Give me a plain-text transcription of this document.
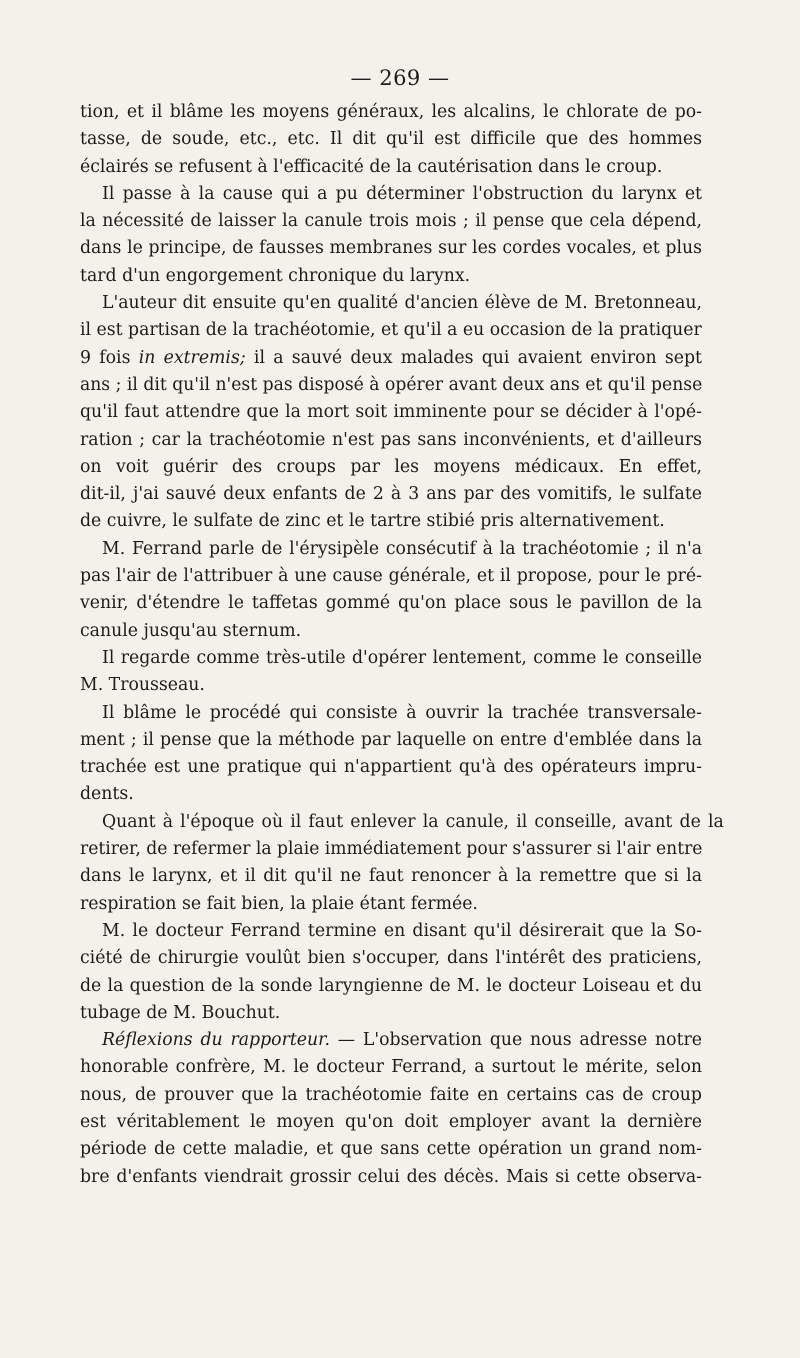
— 269 —
tion, et il blâme les moyens généraux, les alcalins, le chlorate de po-
tasse, de soude, etc., etc. Il dit qu'il est difficile que des hommes
éclairés se refusent à l'efficacité de la cautérisation dans le croup.
Il passe à la cause qui a pu déterminer l'obstruction du larynx et
la nécessité de laisser la canule trois mois ; il pense que cela dépend,
dans le principe, de fausses membranes sur les cordes vocales, et plus
tard d'un engorgement chronique du larynx.
L'auteur dit ensuite qu'en qualité d'ancien élève de M. Bretonneau,
il est partisan de la trachéotomie, et qu'il a eu occasion de la pratiquer
9 fois in extremis; il a sauvé deux malades qui avaient environ sept
ans ; il dit qu'il n'est pas disposé à opérer avant deux ans et qu'il pense
qu'il faut attendre que la mort soit imminente pour se décider à l'opé-
ration ; car la trachéotomie n'est pas sans inconvénients, et d'ailleurs
on voit guérir des croups par les moyens médicaux. En effet,
dit-il, j'ai sauvé deux enfants de 2 à 3 ans par des vomitifs, le sulfate
de cuivre, le sulfate de zinc et le tartre stibié pris alternativement.
M. Ferrand parle de l'érysipèle consécutif à la trachéotomie ; il n'a
pas l'air de l'attribuer à une cause générale, et il propose, pour le pré-
venir, d'étendre le taffetas gommé qu'on place sous le pavillon de la
canule jusqu'au sternum.
Il regarde comme très-utile d'opérer lentement, comme le conseille
M. Trousseau.
Il blâme le procédé qui consiste à ouvrir la trachée transversale-
ment ; il pense que la méthode par laquelle on entre d'emblée dans la
trachée est une pratique qui n'appartient qu'à des opérateurs impru-
dents.
Quant à l'époque où il faut enlever la canule, il conseille, avant de la
retirer, de refermer la plaie immédiatement pour s'assurer si l'air entre
dans le larynx, et il dit qu'il ne faut renoncer à la remettre que si la
respiration se fait bien, la plaie étant fermée.
M. le docteur Ferrand termine en disant qu'il désirerait que la So-
ciété de chirurgie voulût bien s'occuper, dans l'intérêt des praticiens,
de la question de la sonde laryngienne de M. le docteur Loiseau et du
tubage de M. Bouchut.
Réflexions du rapporteur. — L'observation que nous adresse notre
honorable confrère, M. le docteur Ferrand, a surtout le mérite, selon
nous, de prouver que la trachéotomie faite en certains cas de croup
est véritablement le moyen qu'on doit employer avant la dernière
période de cette maladie, et que sans cette opération un grand nom-
bre d'enfants viendrait grossir celui des décès. Mais si cette observa-
